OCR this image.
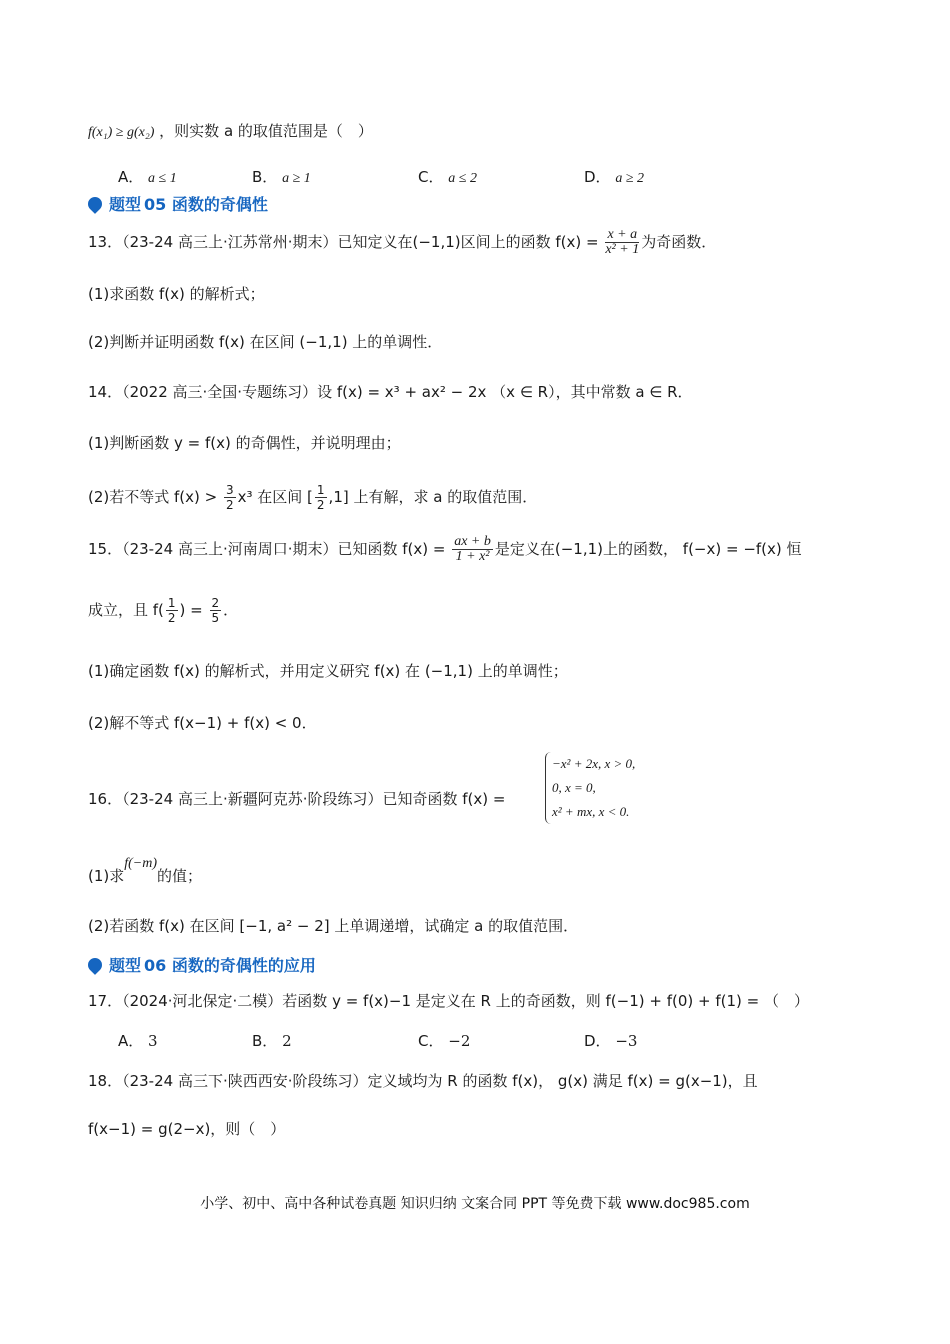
f(x₁) ≥ g(x₂) ，则实数 a 的取值范围是（　）
A． a ≤ 1	B． a ≥ 1	C． a ≤ 2	D． a ≥ 2
题型 05 函数的奇偶性
13．（23-24 高三上·江苏常州·期末）已知定义在(−1,1)区间上的函数 $f(x) = \frac{x + a}{\text{x² + 1}}$ 为奇函数．
(1)求函数 f(x) 的解析式；
(2)判断并证明函数 f(x) 在区间 (−1,1) 上的单调性．
14．（2022 高三·全国·专题练习）设 f(x) = x³ + ax² − 2x （x ∈ R），其中常数 a ∈ R．
(1)判断函数 y = f(x) 的奇偶性，并说明理由；
(2)若不等式 $f(x) > \frac{3}{2} x^3$ 在区间 [ $\frac{1}{2} ,1$] 上有解，求 a 的取值范围．
15．（23-24 高三上·河南周口·期末）已知函数 $f(x) = \frac{ax + b}{\text{1 + x²}}$ 是定义在(−1,1)上的函数， f(−x) = −f(x) 恒
成立，且 $f( \frac{1}{2}$ ) = $\frac{2}{5}$ ．
(1)确定函数 f(x) 的解析式，并用定义研究 f(x) 在 (−1,1) 上的单调性；
(2)解不等式 f(x−1) + f(x) < 0．
16．（23-24 高三上·新疆阿克苏·阶段练习）已知奇函数 f(x) =
−x² + 2x, x > 0,
0, x = 0,
x² + mx, x < 0.
(1)求f(−m)的值；
(2)若函数 f(x) 在区间 [−1, a² − 2] 上单调递增，试确定 a 的取值范围．
题型 06 函数的奇偶性的应用
17．（2024·河北保定·二模）若函数 y = f(x)−1 是定义在 R 上的奇函数，则 f(−1) + f(0) + f(1) = （　）
A． 3	B． 2	C． −2	D． −3
18．（23-24 高三下·陕西西安·阶段练习）定义域均为 R 的函数 f(x)， g(x) 满足 f(x) = g(x−1)，且
f(x−1) = g(2−x)，则（　）
小学、初中、高中各种试卷真题 知识归纳 文案合同 PPT 等免费下载 www.doc985.com
